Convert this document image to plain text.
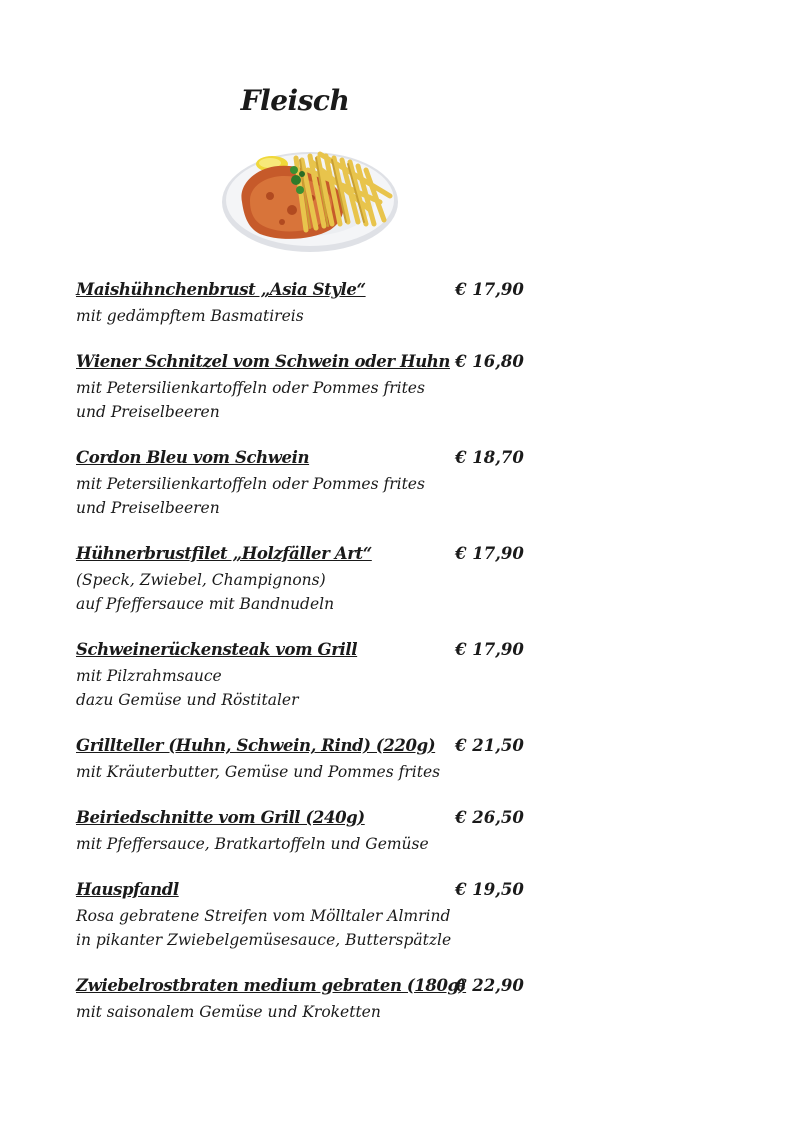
Fleisch
Maishühnchenbrust „Asia Style“	€ 17,90
mit gedämpftem Basmatireis
Wiener Schnitzel vom Schwein oder Huhn € 16,80
mit Petersilienkartoffeln oder Pommes frites
und Preiselbeeren
Cordon Bleu vom Schwein	€ 18,70
mit Petersilienkartoffeln oder Pommes frites
und Preiselbeeren
Hühnerbrustfilet „Holzfäller Art“	€ 17,90
(Speck, Zwiebel, Champignons)
auf Pfeffersauce mit Bandnudeln
Schweinerückensteak vom Grill	€ 17,90
mit Pilzrahmsauce
dazu Gemüse und Röstitaler
Grillteller (Huhn, Schwein, Rind) (220g) € 21,50
mit Kräuterbutter, Gemüse und Pommes frites
Beiriedschnitte vom Grill (240g)	€ 26,50
mit Pfeffersauce, Bratkartoffeln und Gemüse
Hauspfandl	€ 19,50
Rosa gebratene Streifen vom Mölltaler Almrind
in pikanter Zwiebelgemüsesauce, Butterspätzle
Zwiebelrostbraten medium gebraten (180g)
€ 22,90
mit saisonalem Gemüse und Kroketten
